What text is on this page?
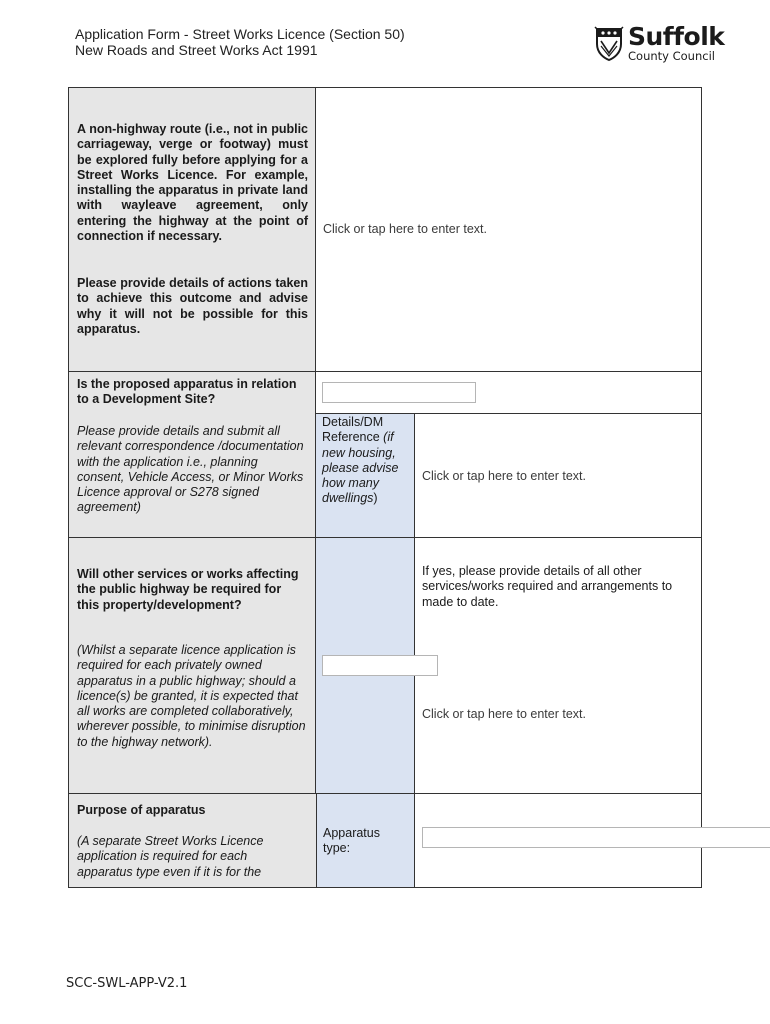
Application Form - Street Works Licence (Section 50)
New Roads and Street Works Act 1991	Suffolk
County Council
A non-highway route (i.e., not in public carriageway, verge or footway) must be explored fully before applying for a Street Works Licence. For example, installing the apparatus in private land with wayleave agreement, only entering the highway at the point of connection if necessary.
Please provide details of actions taken to achieve this outcome and advise why it will not be possible for this apparatus.
Click or tap here to enter text.
Is the proposed apparatus in relation to a Development Site?
Please provide details and submit all relevant correspondence /documentation with the application i.e., planning consent, Vehicle Access, or Minor Works Licence approval or S278 signed agreement)
Details/DM Reference (if new housing, please advise how many dwellings)
Click or tap here to enter text.
Will other services or works affecting the public highway be required for this property/development?
(Whilst a separate licence application is required for each privately owned apparatus in a public highway; should a licence(s) be granted, it is expected that all works are completed collaboratively, wherever possible, to minimise disruption to the highway network).
If yes, please provide details of all other services/works required and arrangements to made to date.
Click or tap here to enter text.
Purpose of apparatus
(A separate Street Works Licence application is required for each apparatus type even if it is for the
Apparatus type:
SCC-SWL-APP-V2.1
